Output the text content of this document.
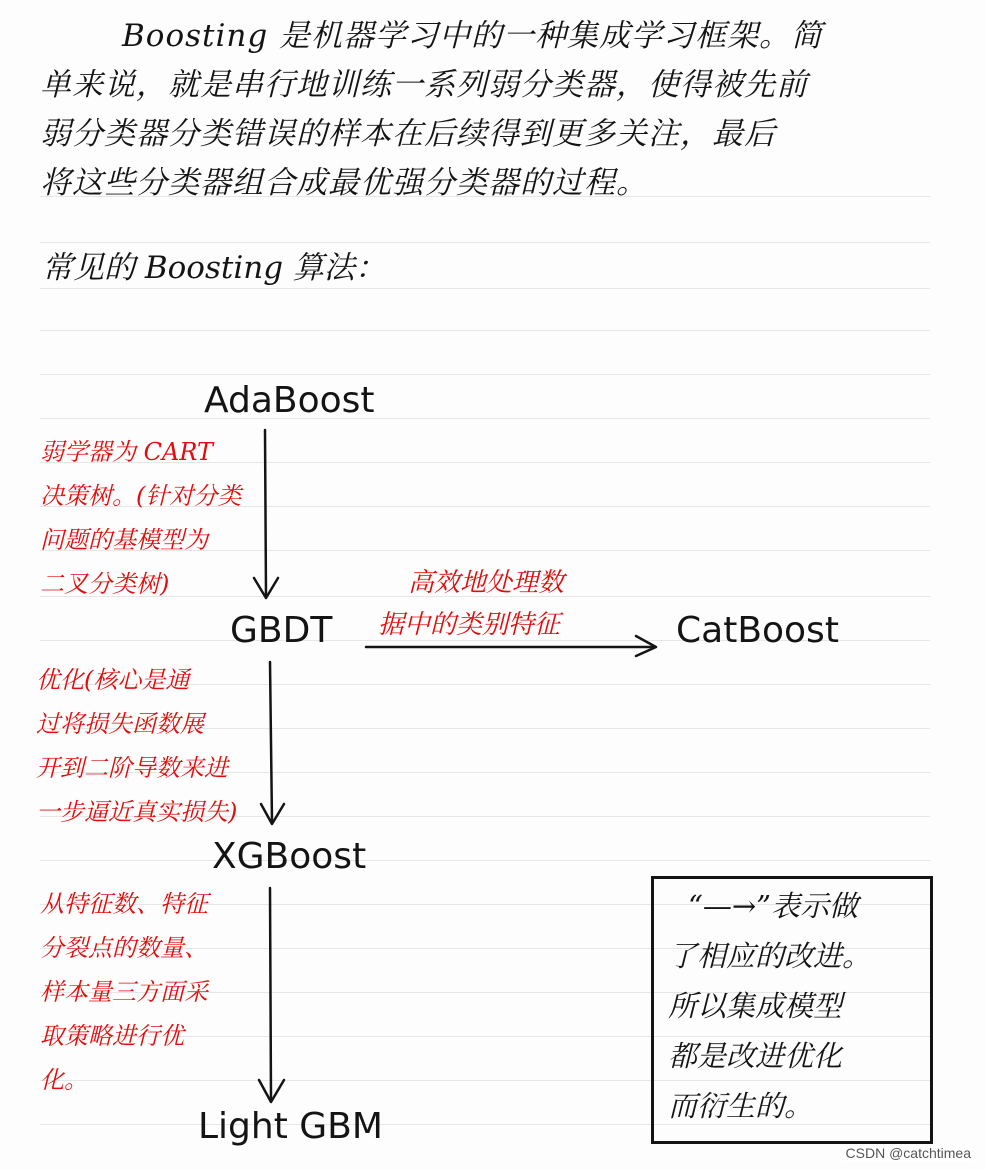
Boosting 是机器学习中的一种集成学习框架。简
单来说，就是串行地训练一系列弱分类器，使得被先前
弱分类器分类错误的样本在后续得到更多关注，最后
将这些分类器组合成最优强分类器的过程。
常见的 Boosting 算法：
AdaBoost
GBDT	CatBoost
XGBoost
Light GBM
弱学器为 CART
决策树。(针对分类
问题的基模型为
二叉分类树)	高效地处理数
据中的类别特征
优化(核心是通
过将损失函数展
开到二阶导数来进
一步逼近真实损失)
从特征数、特征
分裂点的数量、
样本量三方面采
取策略进行优
化。
“—→”表示做
了相应的改进。
所以集成模型
都是改进优化
而衍生的。
CSDN @catchtimea
